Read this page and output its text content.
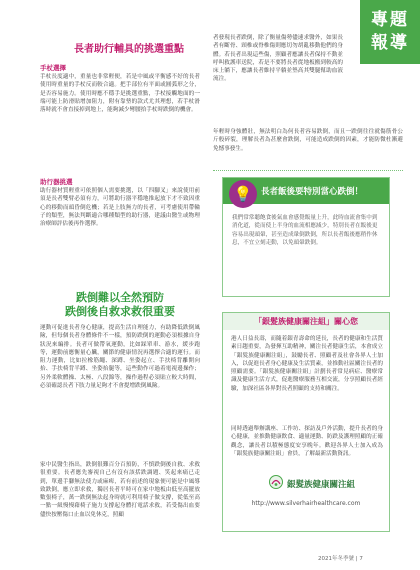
專題
報導
長者助行輔具的挑選重點
手杖選擇
手杖長度適中，重量也非常輕便，若是中風或平衡感不好的長者使用時重量的手杖反而較合適。把手部位有平面或圓弧形之分，是否容易施力。使用時應不穩手是挑選重點，手杖接觸地面的一端可能上防滑貼增加阻力，附有靠墊的款式尤其理想，若手杖滑落時就不會直接掉到地上，能夠減少彎腰拾手杖時跌倒的機會。
助行器挑選
助行器材質輕重可依照個人需要挑選，以「四腳叉」來說使用前須是長者雙臂必須有力，可將助行器平穩地推起放下才不致因重心的移動而頭昏倒危機；若是上肢無力的長者，可考慮使用帶輪子的類型，無法判斷適合哪種類型的助行器，建議由醫生或物理治療師評估後再作選擇。
跌倒難以全然預防
跌倒後自救求救很重要
運動可促進長者身心健康，提高生活自理能力，有助降低跌倒風險，但每個長者身體條件不一樣，預防跌倒的運動必須根據自身狀況來編排。長者可做帶氧運動，比如踩單車、游水，緩步跑等，運動前應衡量心臟，關節的健康情況再選擇合適的運行。而阻力運動，比如拉橡筋繩、深蹲、坐姿起立、手扶椅背離開向抬、手扶椅背半蹲、坐姿抬腿等，這些動作可過着電視邊操作；另外柔軟體操、太極、八段錦等，操作過程必須貼立較大時間，必須確認長者下肢力量足夠才不會提增跌倒風險。
家中民醫生指出，跌倒很難百分百預防，不慎跌倒後自救、求救很重要。長者應先審視自己有沒有該括跌調題、笑起來痛已走到，單邊手腳無法使力或麻痺，若有前述的現象便可能是中風導致跌倒，應立即求救，獨居長者平時可在家中地板由低至高擺放數張椅子，萬一跌倒無法起身時就可利用椅子做支撐，從低至高一點一級慢慢藉椅子施力支撐起身體打電話求救，若受傷出血要儘快按壓傷口止血以免休克，照顧
者發現長者跌倒，除了衡量傷勢儘速求醫外，如果長者有斷骨、頸椎或脊椎傷則應切勿胡亂移動他們的身體。若長者出現這些傷，照顧者應讓長者保持不動並呼叫救護車送院，若是不要將長者從地板搬到較高的床上躺下，應讓長者維持平躺並墊高其雙腿幫助血液流注。
年輕時身強體壯，無法明白為何長者容易跌倒，而且一跌倒往往就傷筋骨公斤般碎裂，理解長者為甚麼會跌倒，可能造成跌倒的因素，才能防微杜漸避免憾事發生。
💡	長者飯後要特別當心跌倒！
我們常常聽飽食後氣血會感覺飯量上升，此時血流會集中到消化道，從而使上半身的血流相應減少，特別長者在飯後更容易出現頭暈，甚至造成暈倒跌倒，所以長者飯後應稍作休息，不宜立刻走動，以免頭暈跌倒。
「銀髮族健康關注組」關心您
港人日益長壽，而隨着銀青壽命的延長，長者的健康和生活質素日趨重要，為發揮互助精神，關注長者健康生活，本會成立「銀髮族健康關注組」，鼓勵長者、照顧者及社會各界人士加入，以促進長者身心健康及生活質素，並推動社區關注長者的照顧需要。「銀髮族健康關注組」計劃長者常見病症、醫療常識及健康生活方式，促進醫療服務互相交流，分享照顧長者經驗，加深社區各界對長者照顧的支持和關注。
同時透過舉辦講座、工作坊、探訪及戶外活動，提升長者的身心健康，並推動健康飲食、適量運動、防跌及護理照顧的正確觀念，讓長者以積極態度安享晚年。歡迎各界人士加入成為「銀髮族健康關注組」會員，了解最新活動資訊。
銀髮族健康關注組
http://www.silverhairhealthcare.com
2021年冬季號 | 7
